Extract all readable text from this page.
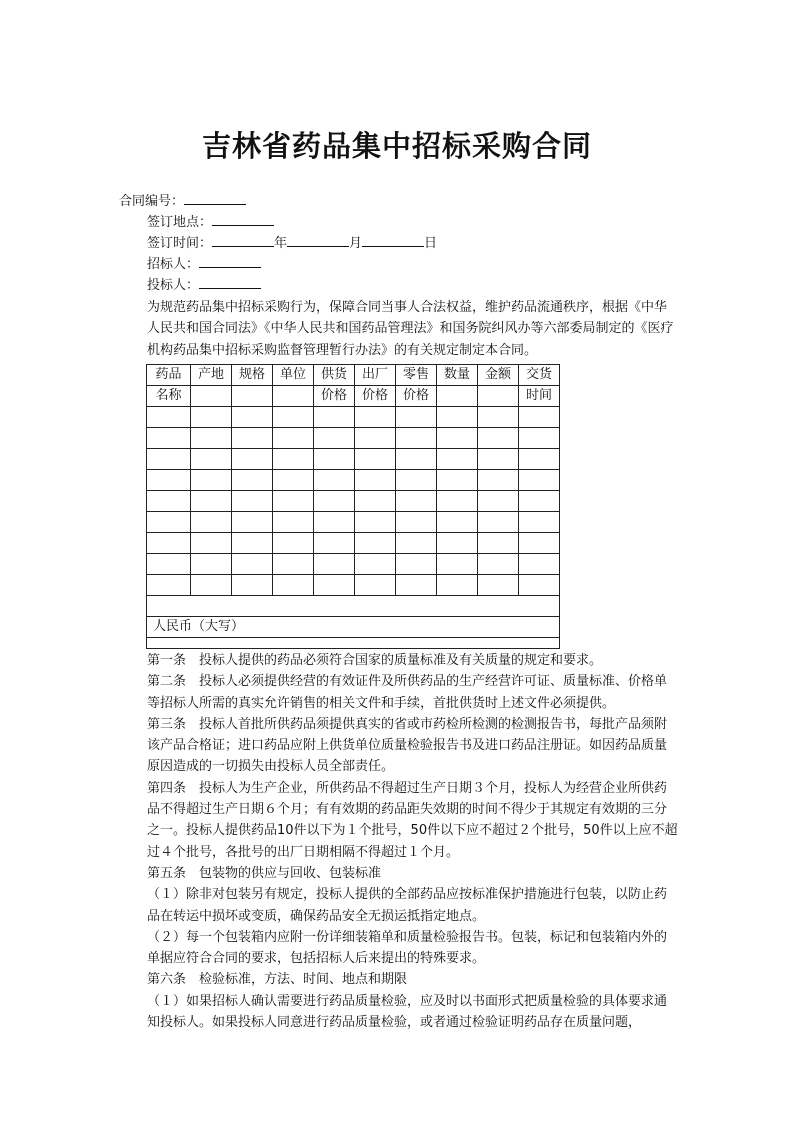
吉林省药品集中招标采购合同
合同编号：
签订地点：
签订时间：	年	月	日
招标人：
投标人：

为规范药品集中招标采购行为，保障合同当事人合法权益，维护药品流通秩序，根据《中华人民共和国合同法》《中华人民共和国药品管理法》和国务院纠风办等六部委局制定的《医疗机构药品集中招标采购监督管理暂行办法》的有关规定制定本合同。

药品	产地	规格	单位	供货	出厂	零售	数量	金额	交货
名称				价格	价格	价格			时间

人民币（大写）									

第一条　投标人提供的药品必须符合国家的质量标准及有关质量的规定和要求。

第二条　投标人必须提供经营的有效证件及所供药品的生产经营许可证、质量标准、价格单等招标人所需的真实允许销售的相关文件和手续，首批供货时上述文件必须提供。

第三条　投标人首批所供药品须提供真实的省或市药检所检测的检测报告书，每批产品须附该产品合格证；进口药品应附上供货单位质量检验报告书及进口药品注册证。如因药品质量原因造成的一切损失由投标人员全部责任。

第四条　投标人为生产企业，所供药品不得超过生产日期３个月，投标人为经营企业所供药品不得超过生产日期６个月；有有效期的药品距失效期的时间不得少于其规定有效期的三分之一。投标人提供药品10件以下为１个批号，50件以下应不超过２个批号，50件以上应不超过４个批号，各批号的出厂日期相隔不得超过１个月。

第五条　包装物的供应与回收、包装标准

（１）除非对包装另有规定，投标人提供的全部药品应按标准保护措施进行包装，以防止药品在转运中损坏或变质，确保药品安全无损运抵指定地点。

（２）每一个包装箱内应附一份详细装箱单和质量检验报告书。包装，标记和包装箱内外的单据应符合合同的要求，包括招标人后来提出的特殊要求。

第六条　检验标准，方法、时间、地点和期限

（１）如果招标人确认需要进行药品质量检验，应及时以书面形式把质量检验的具体要求通知投标人。如果投标人同意进行药品质量检验，或者通过检验证明药品存在质量问题，
